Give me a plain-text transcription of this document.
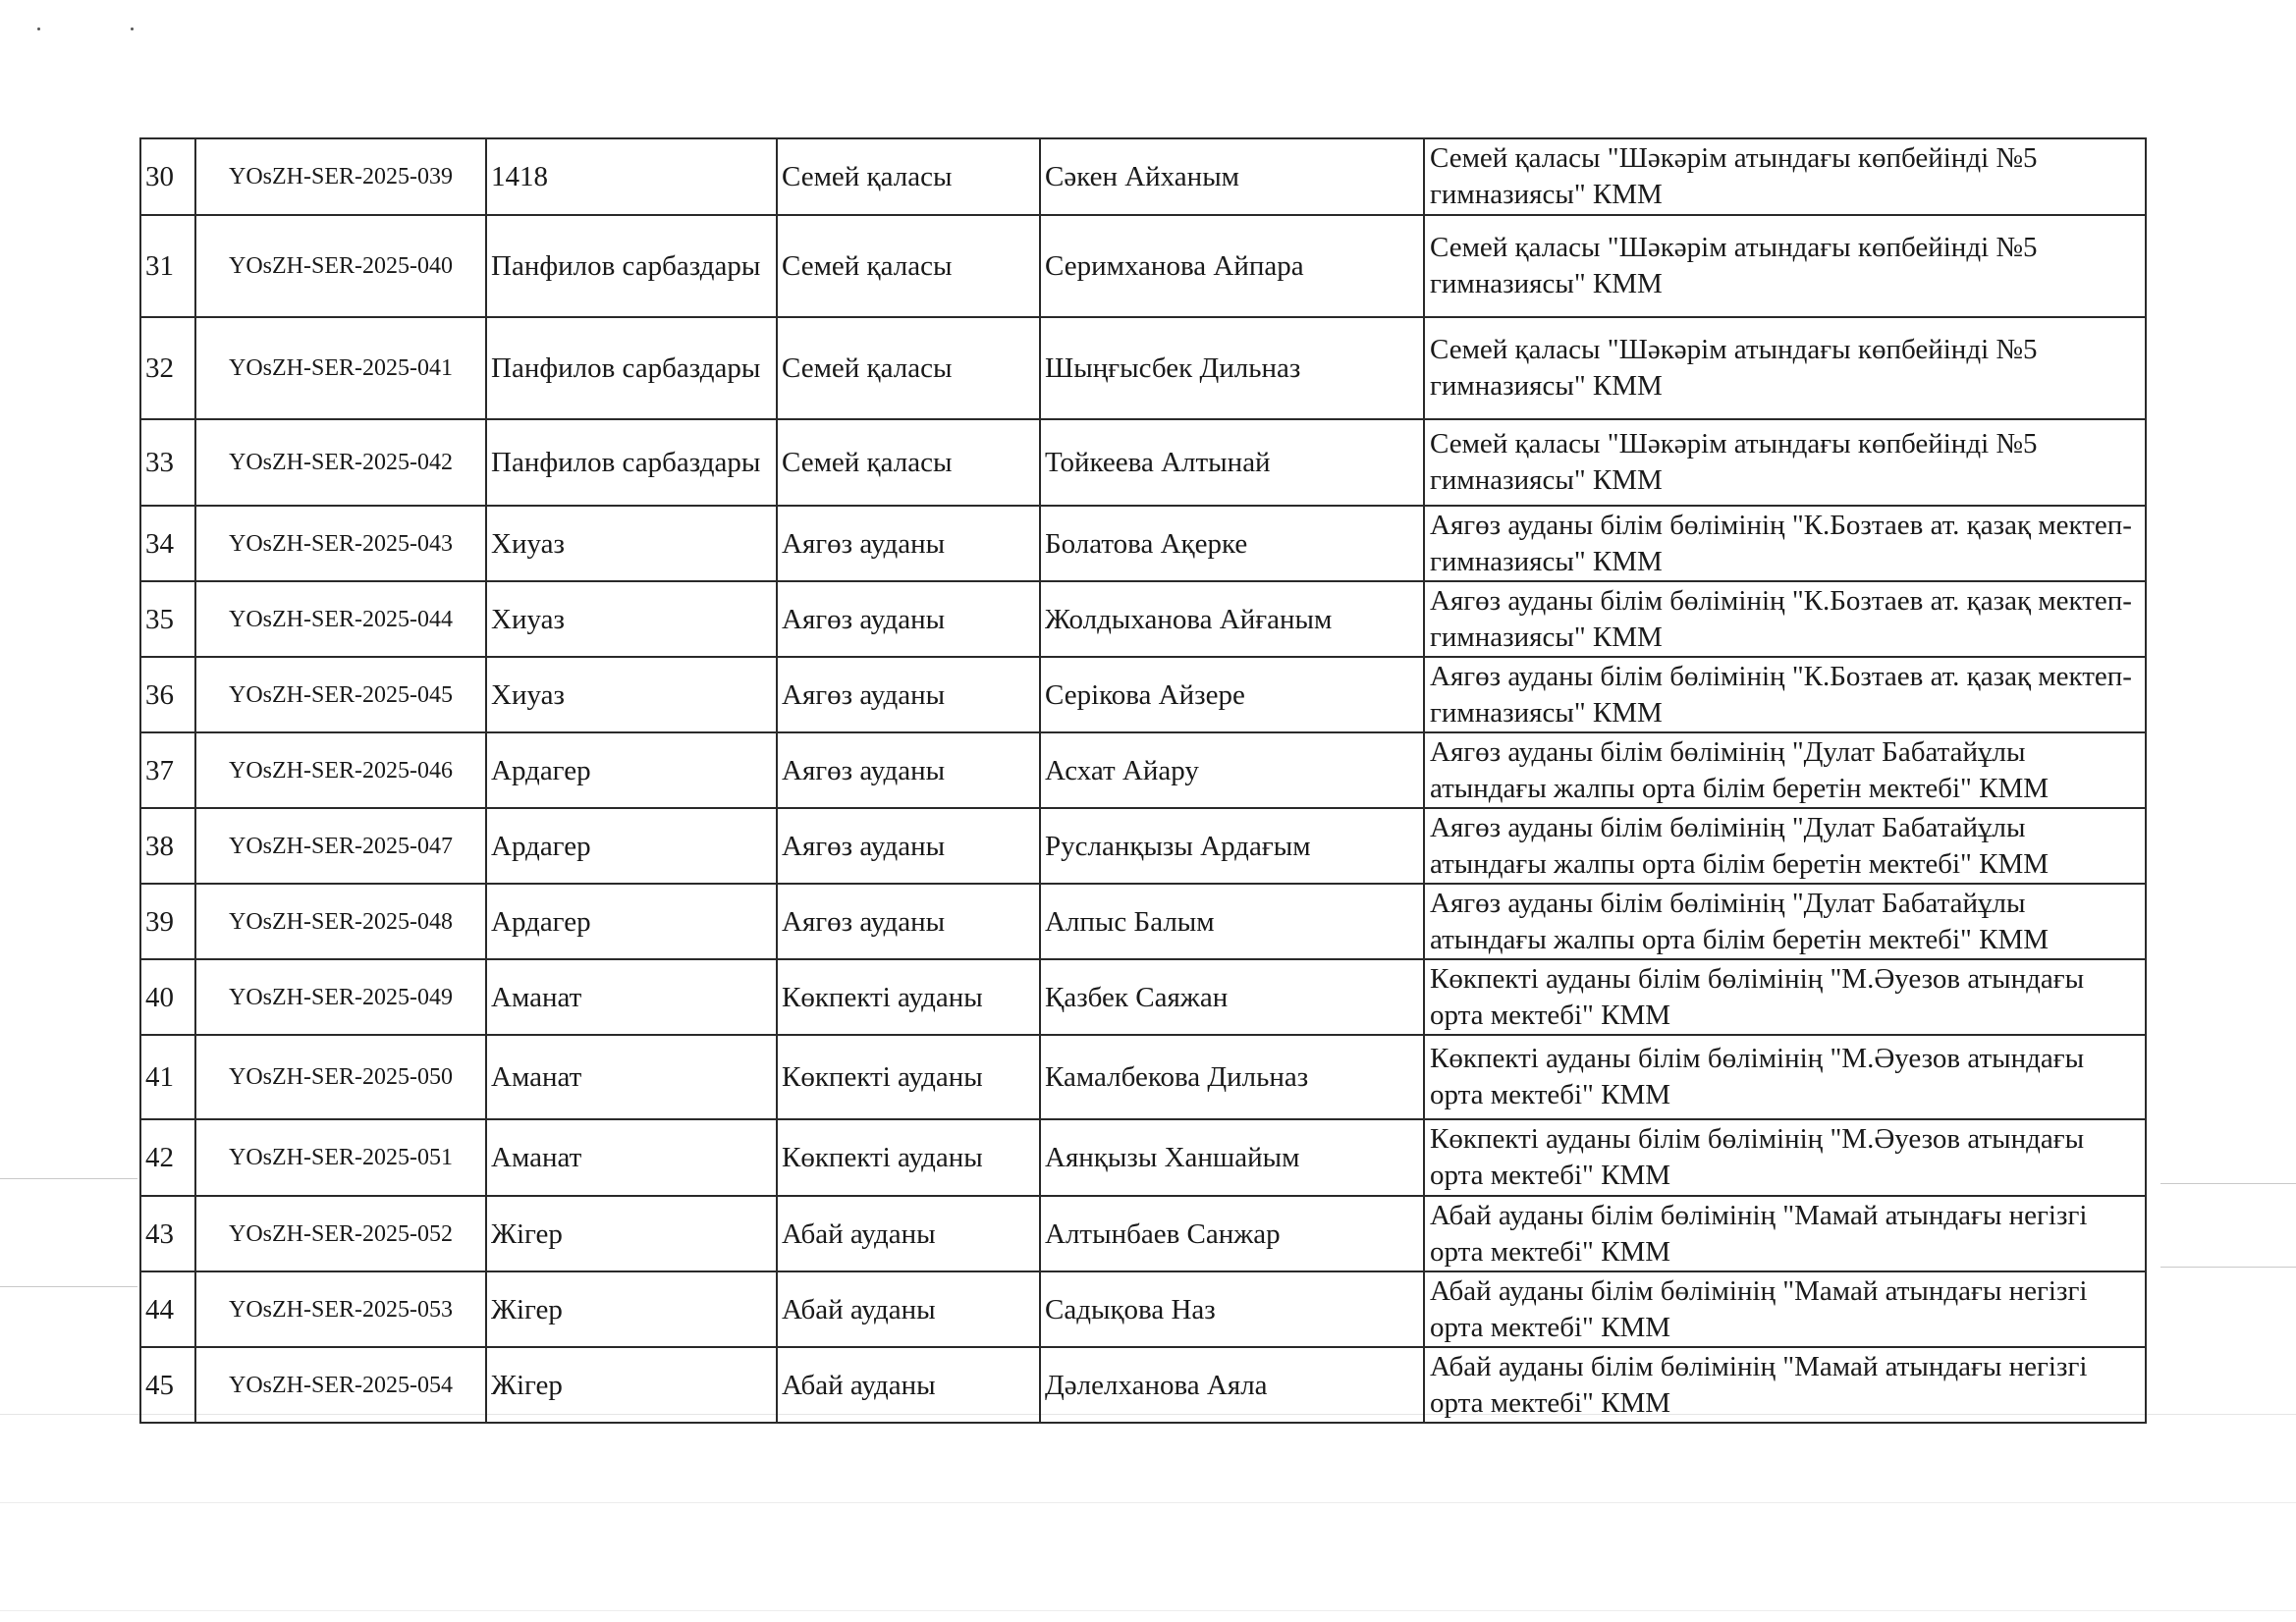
30	YOsZH-SER-2025-039	1418	Семей қаласы	Сәкен Айханым	Семей қаласы "Шәкәрім атындағы көпбейінді №5 гимназиясы" КММ
31	YOsZH-SER-2025-040	Панфилов сарбаздары	Семей қаласы	Серимханова Айпара	Семей қаласы "Шәкәрім атындағы көпбейінді №5 гимназиясы" КММ
32	YOsZH-SER-2025-041	Панфилов сарбаздары	Семей қаласы	Шыңғысбек Дильназ	Семей қаласы "Шәкәрім атындағы көпбейінді №5 гимназиясы" КММ
33	YOsZH-SER-2025-042	Панфилов сарбаздары	Семей қаласы	Тойкеева Алтынай	Семей қаласы "Шәкәрім атындағы көпбейінді №5 гимназиясы" КММ
34	YOsZH-SER-2025-043	Хиуаз	Аягөз ауданы	Болатова Ақерке	Аягөз ауданы білім бөлімінің "К.Бозтаев ат. қазақ мектеп-гимназиясы" КММ
35	YOsZH-SER-2025-044	Хиуаз	Аягөз ауданы	Жолдыханова Айғаным	Аягөз ауданы білім бөлімінің "К.Бозтаев ат. қазақ мектеп-гимназиясы" КММ
36	YOsZH-SER-2025-045	Хиуаз	Аягөз ауданы	Серікова Айзере	Аягөз ауданы білім бөлімінің "К.Бозтаев ат. қазақ мектеп-гимназиясы" КММ
37	YOsZH-SER-2025-046	Ардагер	Аягөз ауданы	Асхат Айару	Аягөз ауданы білім бөлімінің "Дулат Бабатайұлы атындағы жалпы орта білім беретін мектебі" КММ
38	YOsZH-SER-2025-047	Ардагер	Аягөз ауданы	Русланқызы Ардағым	Аягөз ауданы білім бөлімінің "Дулат Бабатайұлы атындағы жалпы орта білім беретін мектебі" КММ
39	YOsZH-SER-2025-048	Ардагер	Аягөз ауданы	Алпыс Балым	Аягөз ауданы білім бөлімінің "Дулат Бабатайұлы атындағы жалпы орта білім беретін мектебі" КММ
40	YOsZH-SER-2025-049	Аманат	Көкпекті ауданы	Қазбек Саяжан	Көкпекті ауданы білім бөлімінің "М.Әуезов атындағы орта мектебі" КММ
41	YOsZH-SER-2025-050	Аманат	Көкпекті ауданы	Камалбекова Дильназ	Көкпекті ауданы білім бөлімінің "М.Әуезов атындағы орта мектебі" КММ
42	YOsZH-SER-2025-051	Аманат	Көкпекті ауданы	Аянқызы Ханшайым	Көкпекті ауданы білім бөлімінің "М.Әуезов атындағы орта мектебі" КММ
43	YOsZH-SER-2025-052	Жігер	Абай ауданы	Алтынбаев Санжар	Абай ауданы білім бөлімінің "Мамай атындағы негізгі орта мектебі" КММ
44	YOsZH-SER-2025-053	Жігер	Абай ауданы	Садықова Наз	Абай ауданы білім бөлімінің "Мамай атындағы негізгі орта мектебі" КММ
45	YOsZH-SER-2025-054	Жігер	Абай ауданы	Дәлелханова Аяла	Абай ауданы білім бөлімінің "Мамай атындағы негізгі орта мектебі" КММ
